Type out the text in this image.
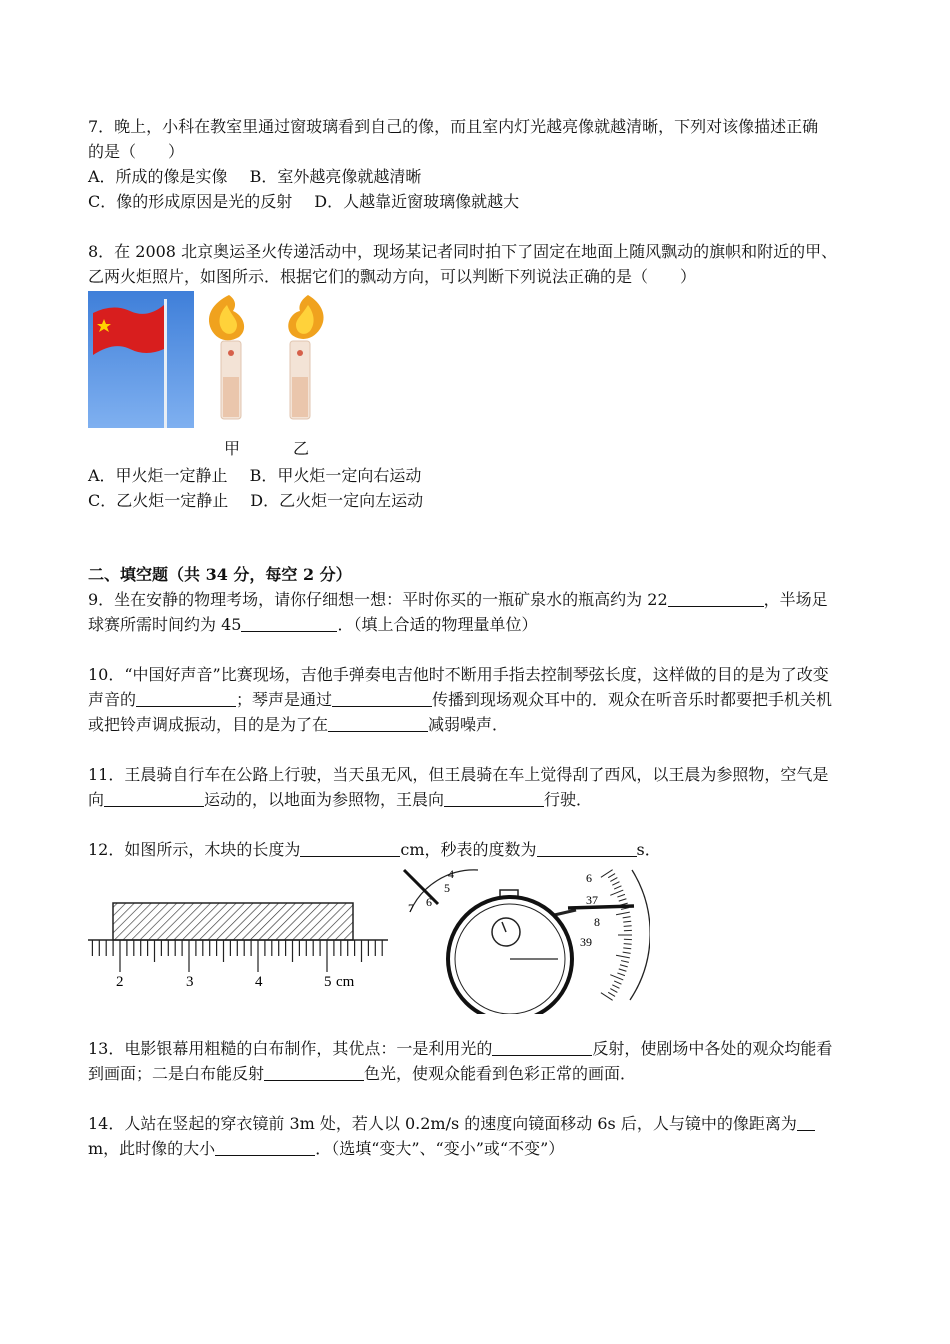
7．晚上，小科在教室里通过窗玻璃看到自己的像，而且室内灯光越亮像就越清晰，下列对该像描述正确
的是（　　）
A．所成的像是实像 B．室外越亮像就越清晰
C．像的形成原因是光的反射 D．人越靠近窗玻璃像就越大
8．在 2008 北京奥运圣火传递活动中，现场某记者同时拍下了固定在地面上随风飘动的旗帜和附近的甲、
乙两火炬照片，如图所示．根据它们的飘动方向，可以判断下列说法正确的是（　　）
甲	乙
A．甲火炬一定静止 B．甲火炬一定向右运动
C．乙火炬一定静止 D．乙火炬一定向左运动
二、填空题（共 34 分，每空 2 分）
9．坐在安静的物理考场，请你仔细想一想：平时你买的一瓶矿泉水的瓶高约为 22	，半场足
球赛所需时间约为 45	．（填上合适的物理量单位）
10．“中国好声音”比赛现场，吉他手弹奏电吉他时不断用手指去控制琴弦长度，这样做的目的是为了改变
声音的	；琴声是通过	传播到现场观众耳中的．观众在听音乐时都要把手机关机
或把铃声调成振动，目的是为了在	减弱噪声．
11．王晨骑自行车在公路上行驶，当天虽无风，但王晨骑在车上觉得刮了西风，以王晨为参照物，空气是
向	运动的，以地面为参照物，王晨向	行驶．
12．如图所示，木块的长度为	cm，秒表的度数为	s．
2	3	4	5 cm
4
5
6
7
6
37
8
39
13．电影银幕用粗糙的白布制作，其优点：一是利用光的	反射，使剧场中各处的观众均能看
到画面；二是白布能反射	色光，使观众能看到色彩正常的画面．
14．人站在竖起的穿衣镜前 3m 处，若人以 0.2m/s 的速度向镜面移动 6s 后，人与镜中的像距离为
m，此时像的大小	．（选填“变大”、“变小”或“不变”）
